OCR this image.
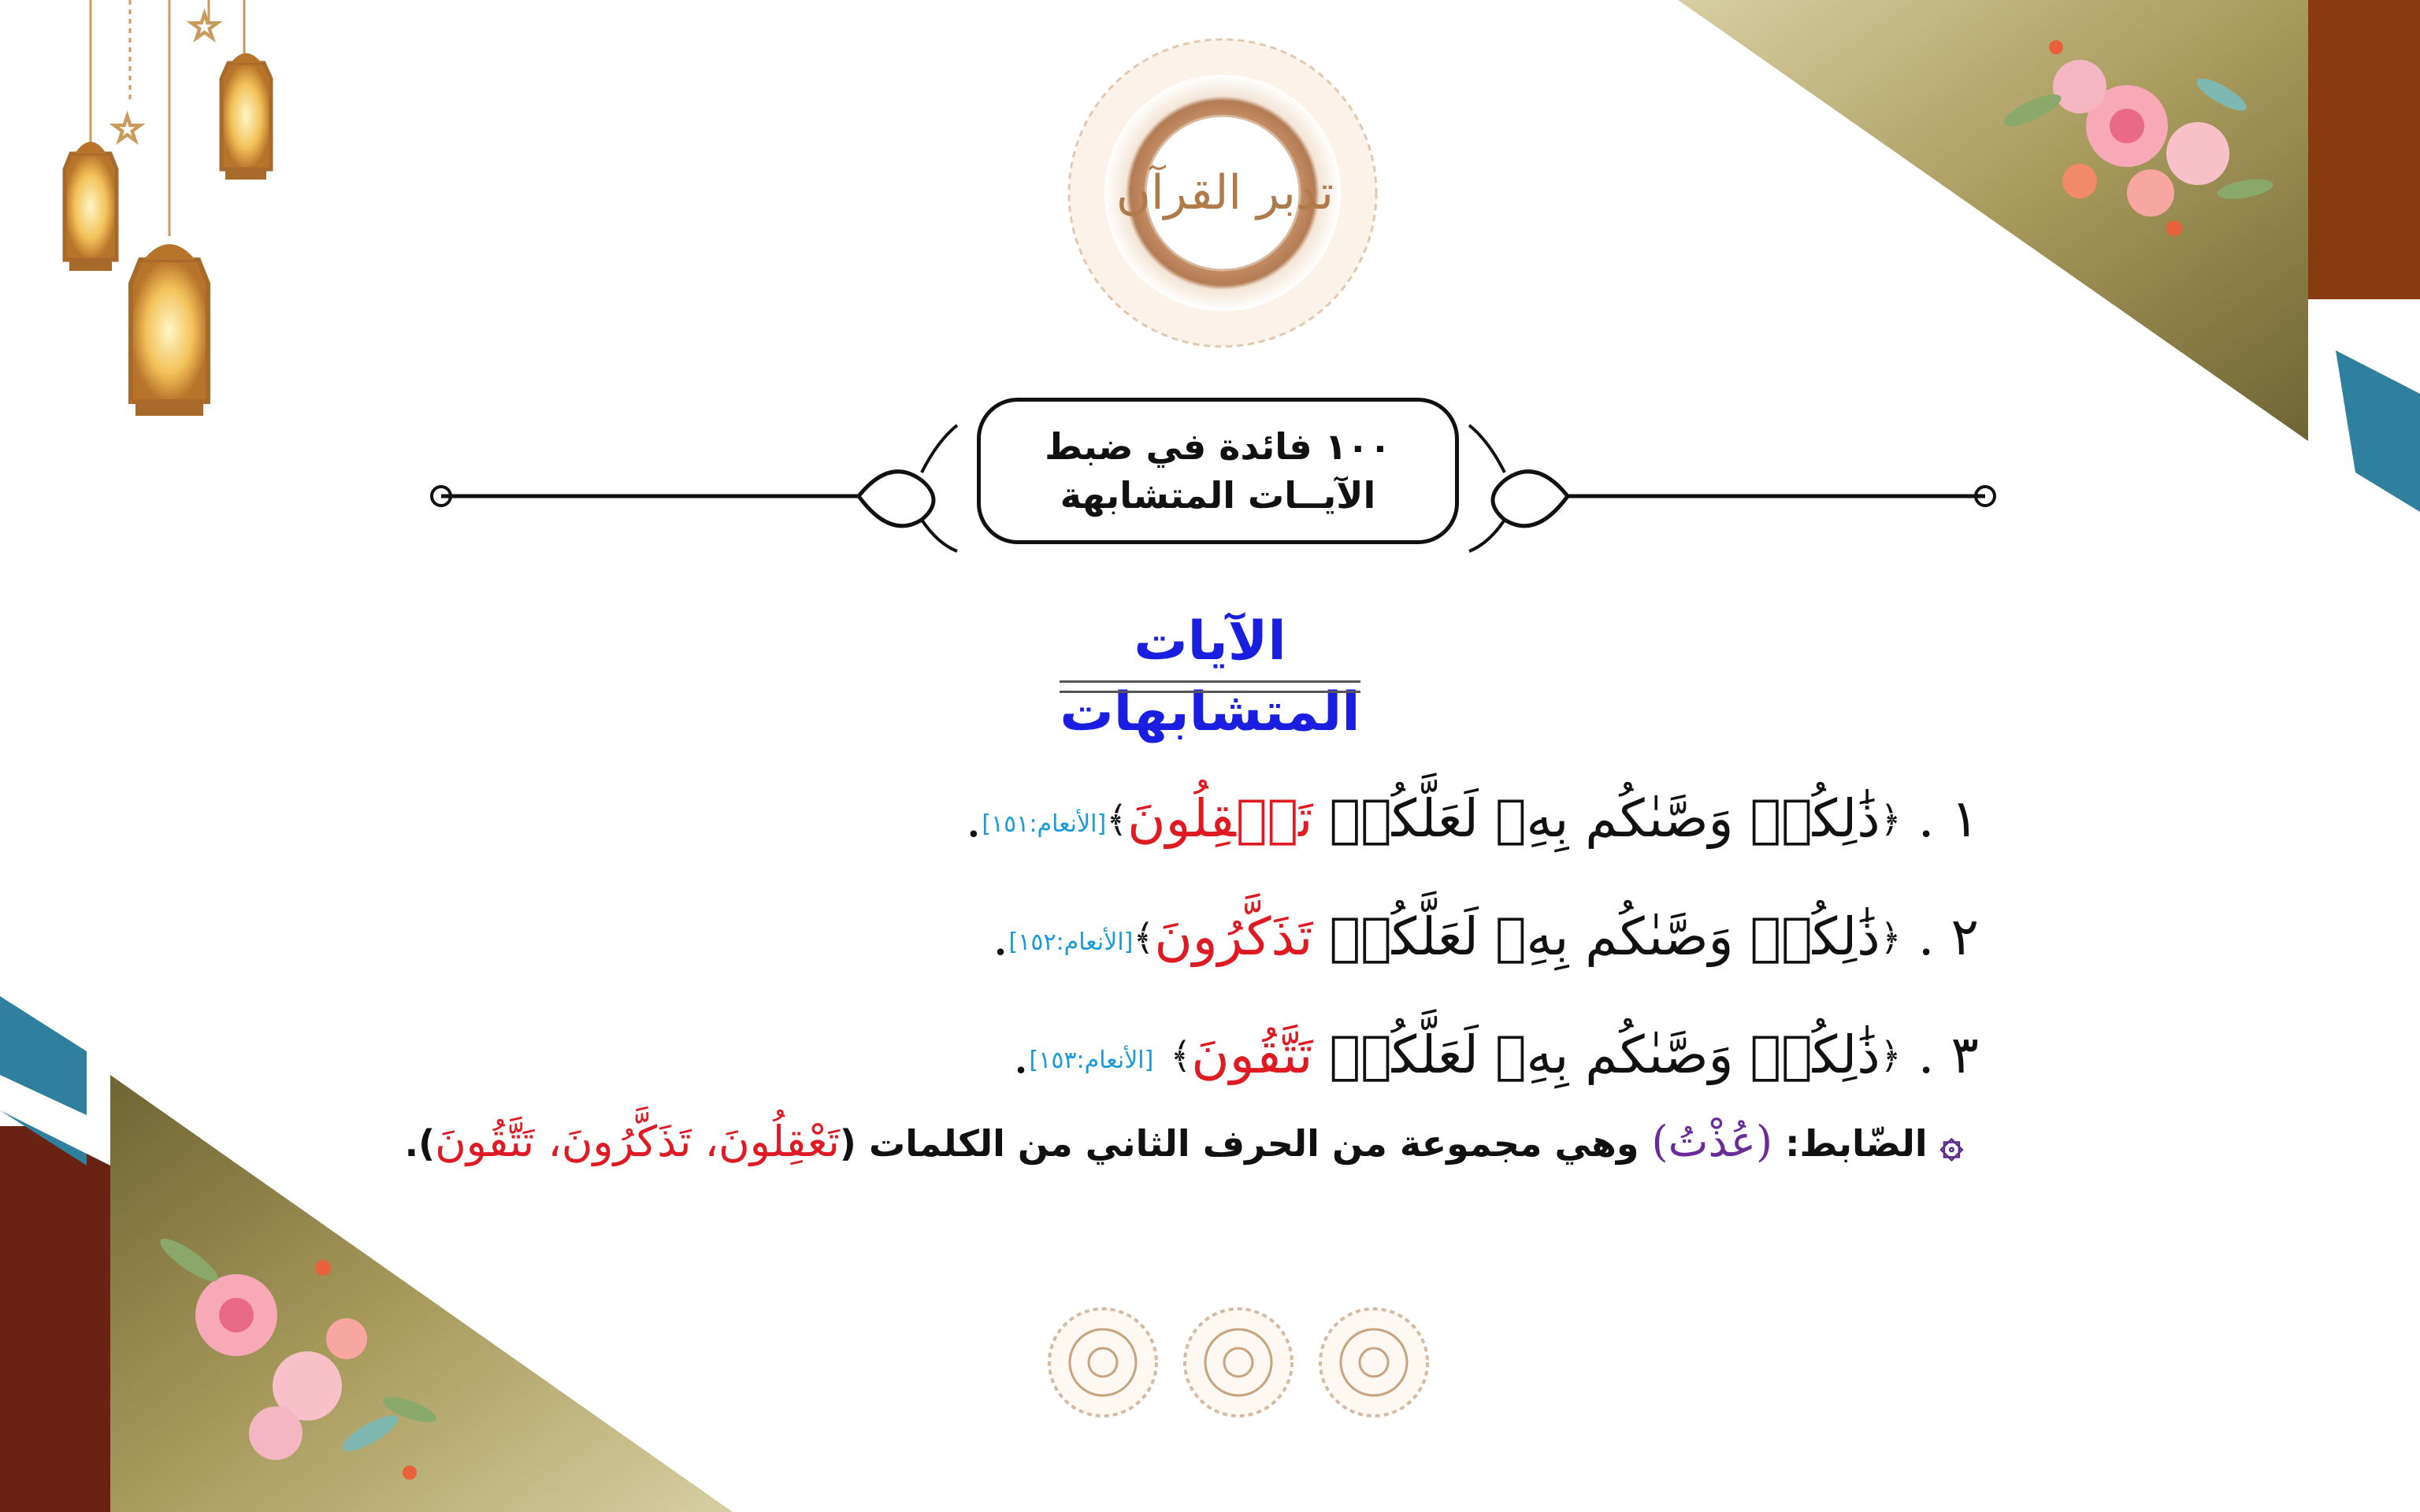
☆
☆
تدبر القرآن
١٠٠ فائدة في ضبط
الآيــات المتشابهة
الآيات المتشابهات
١ . ﴿ذَٰلِكُمۡ وَصَّىٰكُم بِهِۦ لَعَلَّكُمۡ تَعۡقِلُونَ﴾[الأنعام:١٥١].
٢ . ﴿ذَٰلِكُمۡ وَصَّىٰكُم بِهِۦ لَعَلَّكُمۡ تَذَكَّرُونَ﴾[الأنعام:١٥٢].
٣ . ﴿ذَٰلِكُمۡ وَصَّىٰكُم بِهِۦ لَعَلَّكُمۡ تَتَّقُونَ﴾ [الأنعام:١٥٣].
۞ الضّابط: (عُذْتُ) وهي مجموعة من الحرف الثاني من الكلمات (تَعْقِلُونَ، تَذَكَّرُونَ، تَتَّقُونَ).
